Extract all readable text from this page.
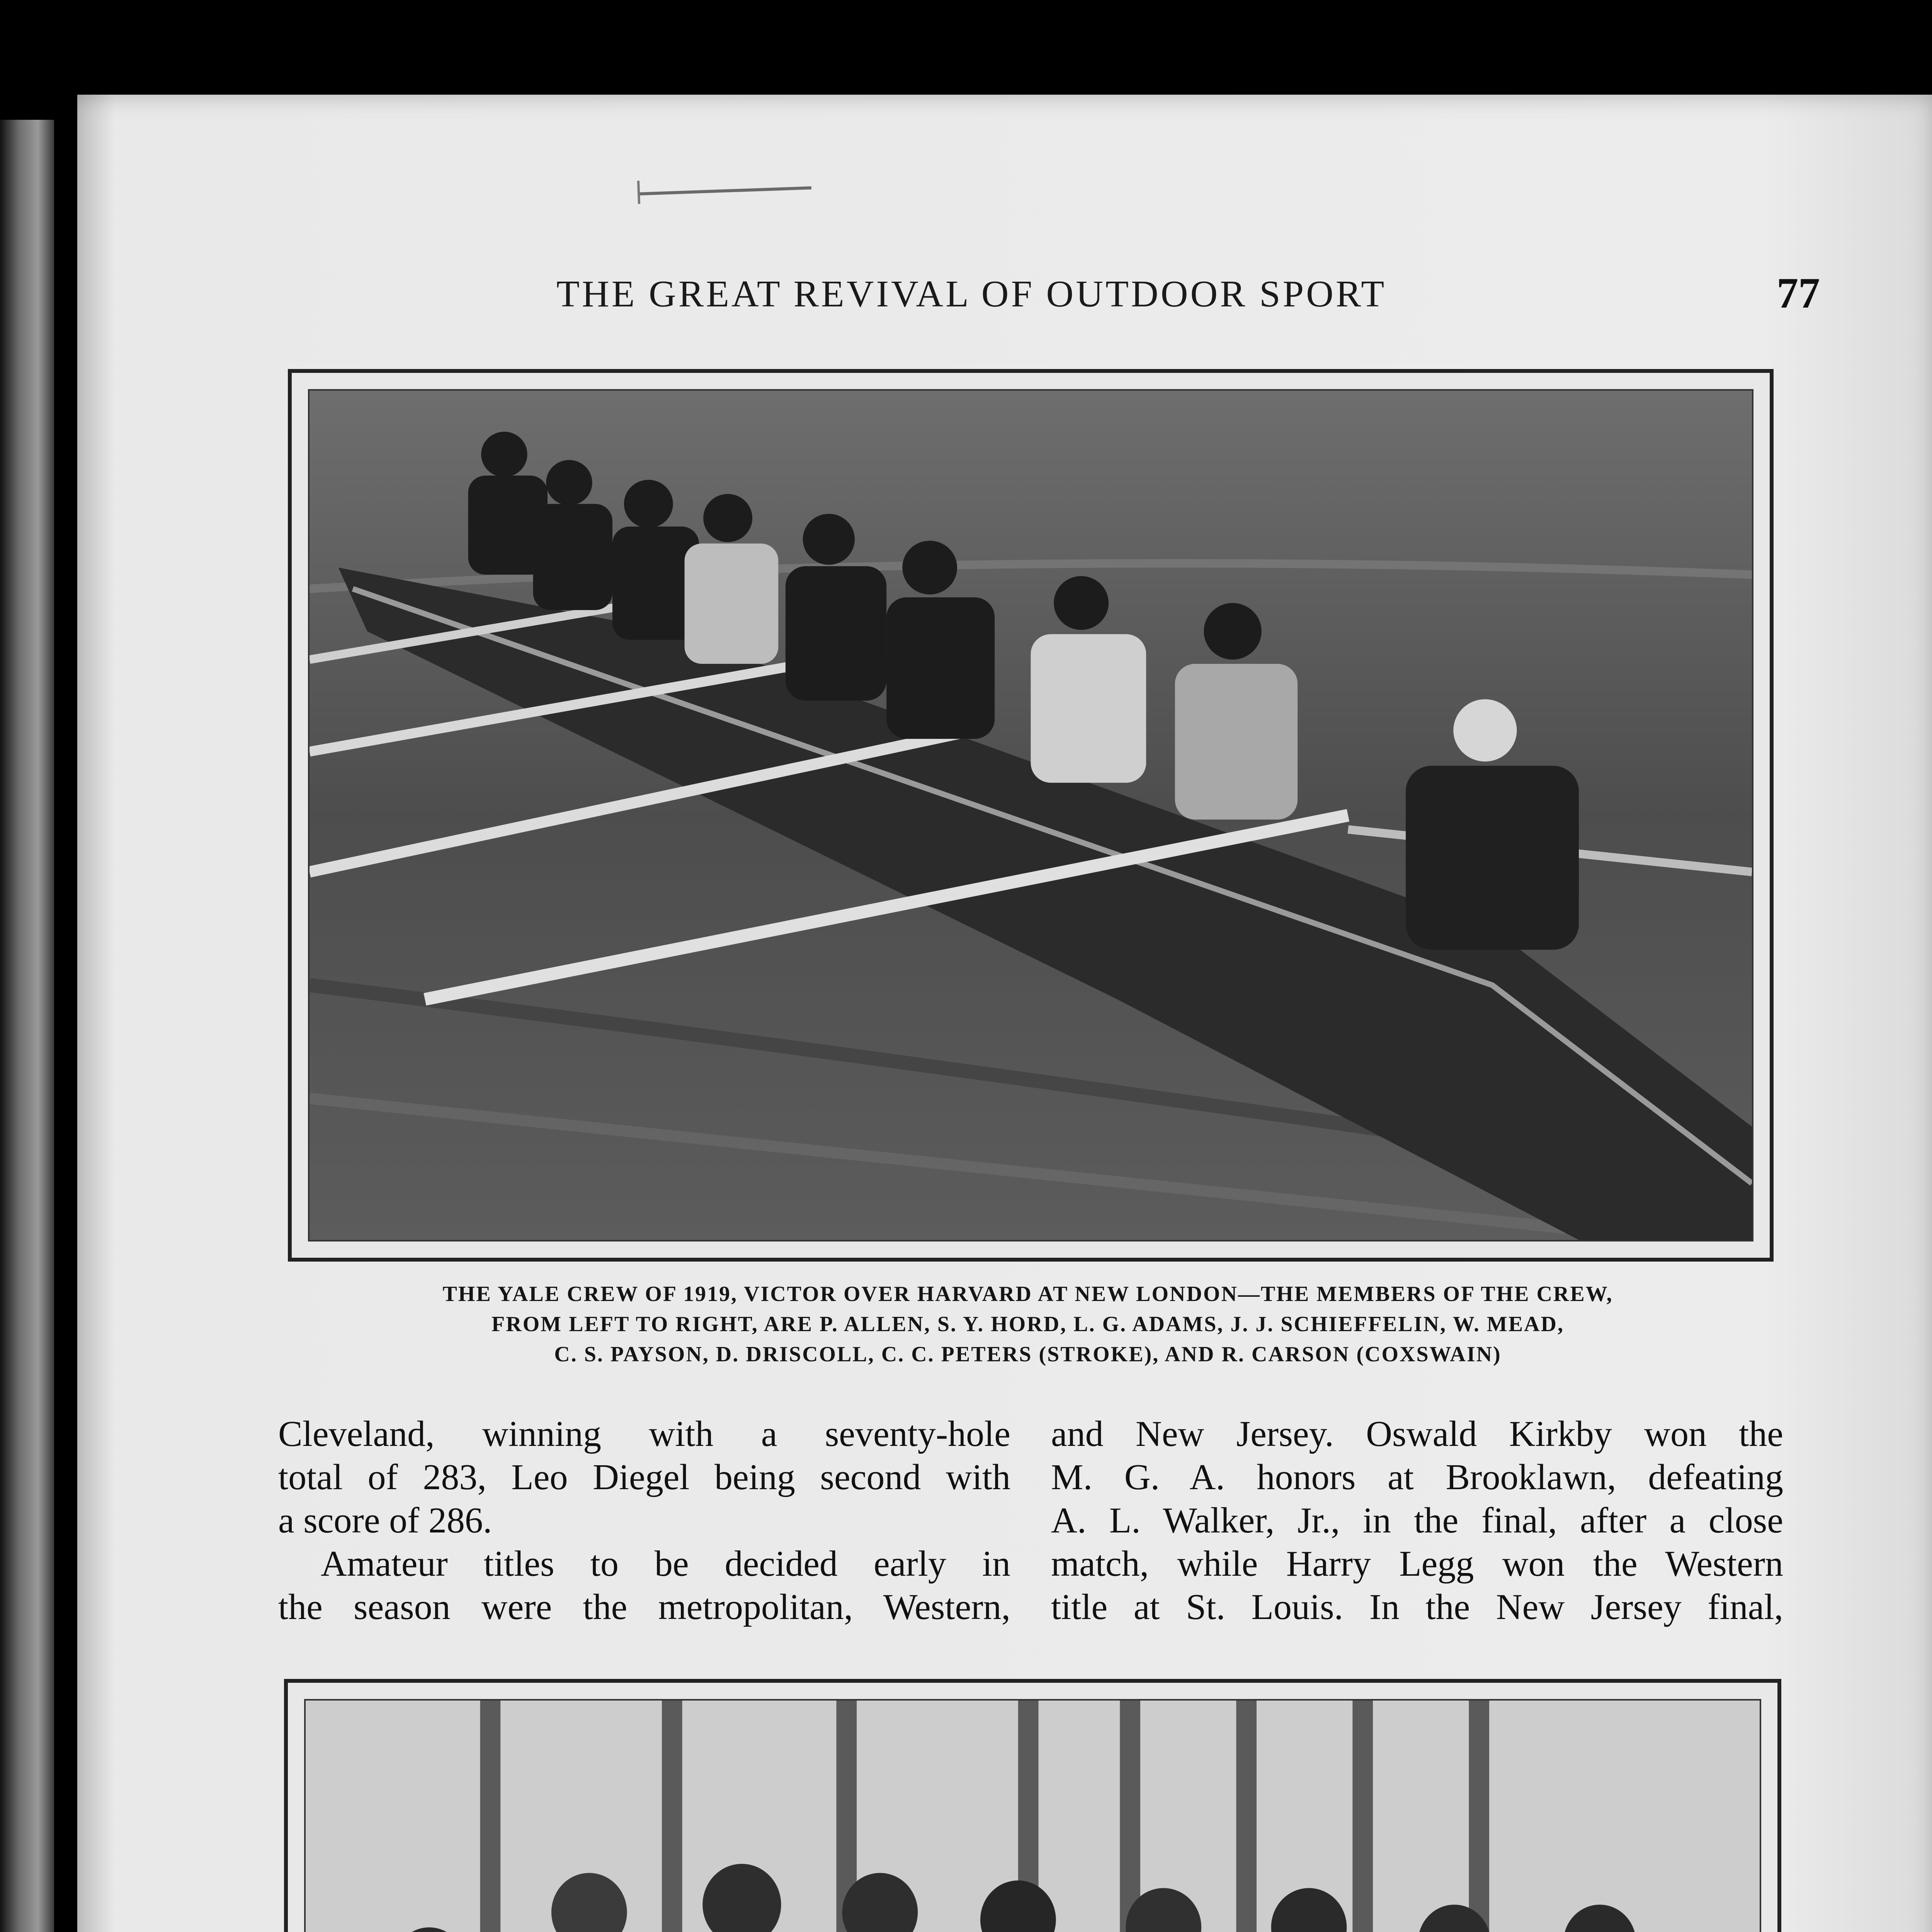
THE GREAT REVIVAL OF OUTDOOR SPORT	77
THE YALE CREW OF 1919, VICTOR OVER HARVARD AT NEW LONDON—THE MEMBERS OF THE CREW,
FROM LEFT TO RIGHT, ARE P. ALLEN, S. Y. HORD, L. G. ADAMS, J. J. SCHIEFFELIN, W. MEAD,
C. S. PAYSON, D. DRISCOLL, C. C. PETERS (STROKE), AND R. CARSON (COXSWAIN)
Cleveland, winning with a seventy-hole
total of 283, Leo Diegel being second with
a score of 286.
Amateur titles to be decided early in
the season were the metropolitan, Western,
and New Jersey. Oswald Kirkby won the
M. G. A. honors at Brooklawn, defeating
A. L. Walker, Jr., in the final, after a close
match, while Harry Legg won the Western
title at St. Louis. In the New Jersey final,
